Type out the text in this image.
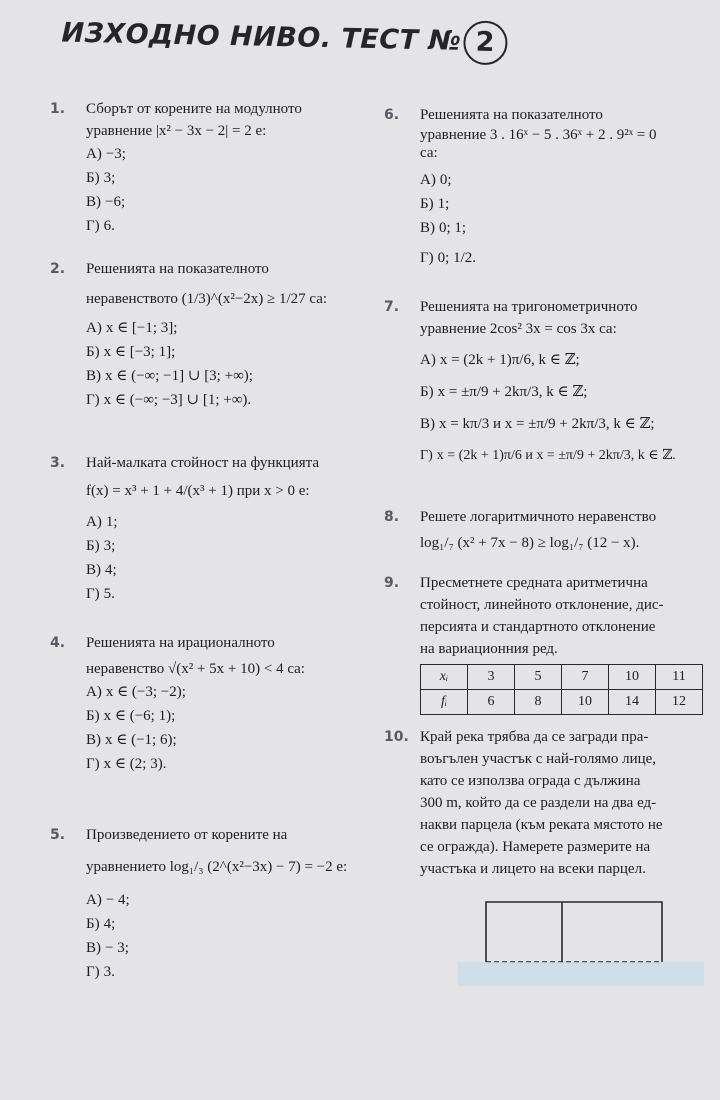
ИЗХОДНО НИВО. ТЕСТ № 2
1. Сборът от корените на модулното
уравнение |x² − 3x − 2| = 2 е:
А) −3;
Б) 3;
В) −6;
Г) 6.
2. Решенията на показателното
неравенството (1/3)^(x²−2x) ≥ 1/27 са:
А) x ∈ [−1; 3];
Б) x ∈ [−3; 1];
В) x ∈ (−∞; −1] ∪ [3; +∞);
Г) x ∈ (−∞; −3] ∪ [1; +∞).
3. Най-малката стойност на функцията
f(x) = x³ + 1 + 4/(x³ + 1) при x > 0 е:
А) 1;
Б) 3;
В) 4;
Г) 5.
4. Решенията на ирационалното
неравенство √(x² + 5x + 10) < 4 са:
А) x ∈ (−3; −2);
Б) x ∈ (−6; 1);
В) x ∈ (−1; 6);
Г) x ∈ (2; 3).
5. Произведението от корените на
уравнението log₁/₃ (2^(x²−3x) − 7) = −2 е:
А) − 4;
Б) 4;
В) − 3;
Г) 3.
6. Решенията на показателното
уравнение 3 . 16ˣ − 5 . 36ˣ + 2 . 9²ˣ = 0
са:
А) 0;
Б) 1;
В) 0; 1;
Г) 0; 1/2.
7. Решенията на тригонометричното
уравнение 2cos² 3x = cos 3x са:
А) x = (2k + 1)π/6, k ∈ ℤ;
Б) x = ±π/9 + 2kπ/3, k ∈ ℤ;
В) x = kπ/3 и x = ±π/9 + 2kπ/3, k ∈ ℤ;
Г) x = (2k + 1)π/6 и x = ±π/9 + 2kπ/3, k ∈ ℤ.
8. Решете логаритмичното неравенство
log₁/₇ (x² + 7x − 8) ≥ log₁/₇ (12 − x).
9. Пресметнете средната аритметична
стойност, линейното отклонение, дис-
персията и стандартното отклонение
на вариационния ред.
xᵢ	3	5	7	10	11
fᵢ	6	8	10	14	12
10. Край река трябва да се загради пра-
воъгълен участък с най-голямо лице,
като се използва ограда с дължина
300 m, който да се раздели на два ед-
накви парцела (към реката мястото не
се огражда). Намерете размерите на
участъка и лицето на всеки парцел.
